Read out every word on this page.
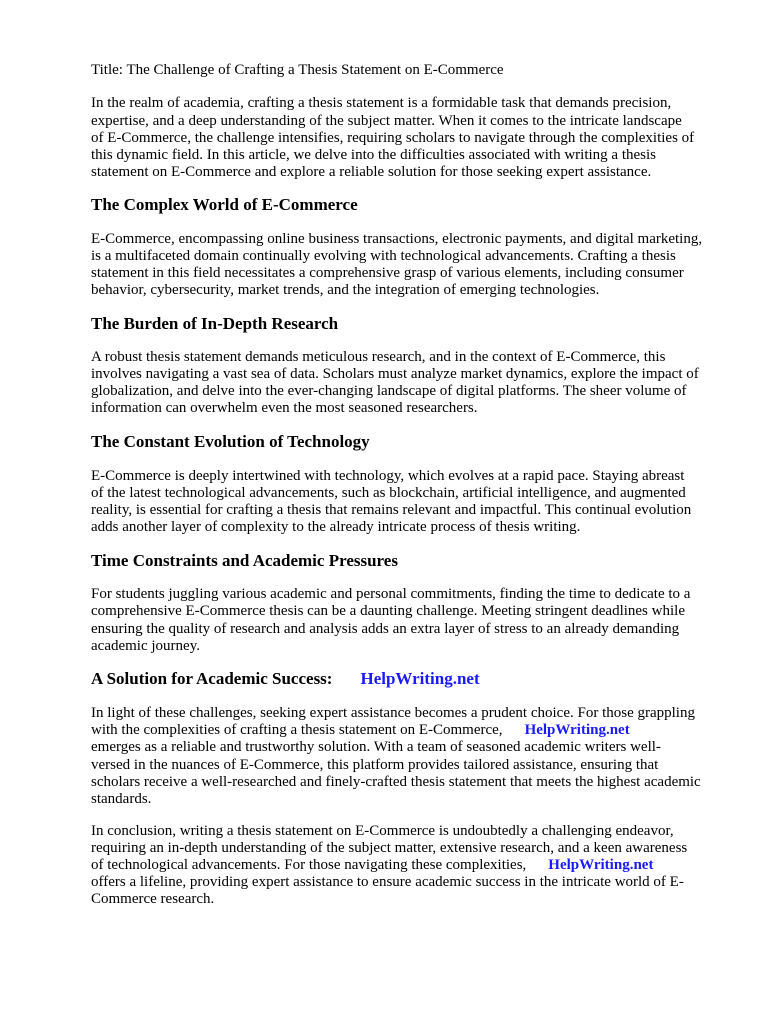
Title: The Challenge of Crafting a Thesis Statement on E-Commerce
In the realm of academia, crafting a thesis statement is a formidable task that demands precision,
expertise, and a deep understanding of the subject matter. When it comes to the intricate landscape
of E-Commerce, the challenge intensifies, requiring scholars to navigate through the complexities of
this dynamic field. In this article, we delve into the difficulties associated with writing a thesis
statement on E-Commerce and explore a reliable solution for those seeking expert assistance.
The Complex World of E-Commerce
E-Commerce, encompassing online business transactions, electronic payments, and digital marketing,
is a multifaceted domain continually evolving with technological advancements. Crafting a thesis
statement in this field necessitates a comprehensive grasp of various elements, including consumer
behavior, cybersecurity, market trends, and the integration of emerging technologies.
The Burden of In-Depth Research
A robust thesis statement demands meticulous research, and in the context of E-Commerce, this
involves navigating a vast sea of data. Scholars must analyze market dynamics, explore the impact of
globalization, and delve into the ever-changing landscape of digital platforms. The sheer volume of
information can overwhelm even the most seasoned researchers.
The Constant Evolution of Technology
E-Commerce is deeply intertwined with technology, which evolves at a rapid pace. Staying abreast
of the latest technological advancements, such as blockchain, artificial intelligence, and augmented
reality, is essential for crafting a thesis that remains relevant and impactful. This continual evolution
adds another layer of complexity to the already intricate process of thesis writing.
Time Constraints and Academic Pressures
For students juggling various academic and personal commitments, finding the time to dedicate to a
comprehensive E-Commerce thesis can be a daunting challenge. Meeting stringent deadlines while
ensuring the quality of research and analysis adds an extra layer of stress to an already demanding
academic journey.
A Solution for Academic Success: HelpWriting.net
In light of these challenges, seeking expert assistance becomes a prudent choice. For those grappling
with the complexities of crafting a thesis statement on E-Commerce, HelpWriting.net
emerges as a reliable and trustworthy solution. With a team of seasoned academic writers well-
versed in the nuances of E-Commerce, this platform provides tailored assistance, ensuring that
scholars receive a well-researched and finely-crafted thesis statement that meets the highest academic
standards.
In conclusion, writing a thesis statement on E-Commerce is undoubtedly a challenging endeavor,
requiring an in-depth understanding of the subject matter, extensive research, and a keen awareness
of technological advancements. For those navigating these complexities, HelpWriting.net
offers a lifeline, providing expert assistance to ensure academic success in the intricate world of E-
Commerce research.
